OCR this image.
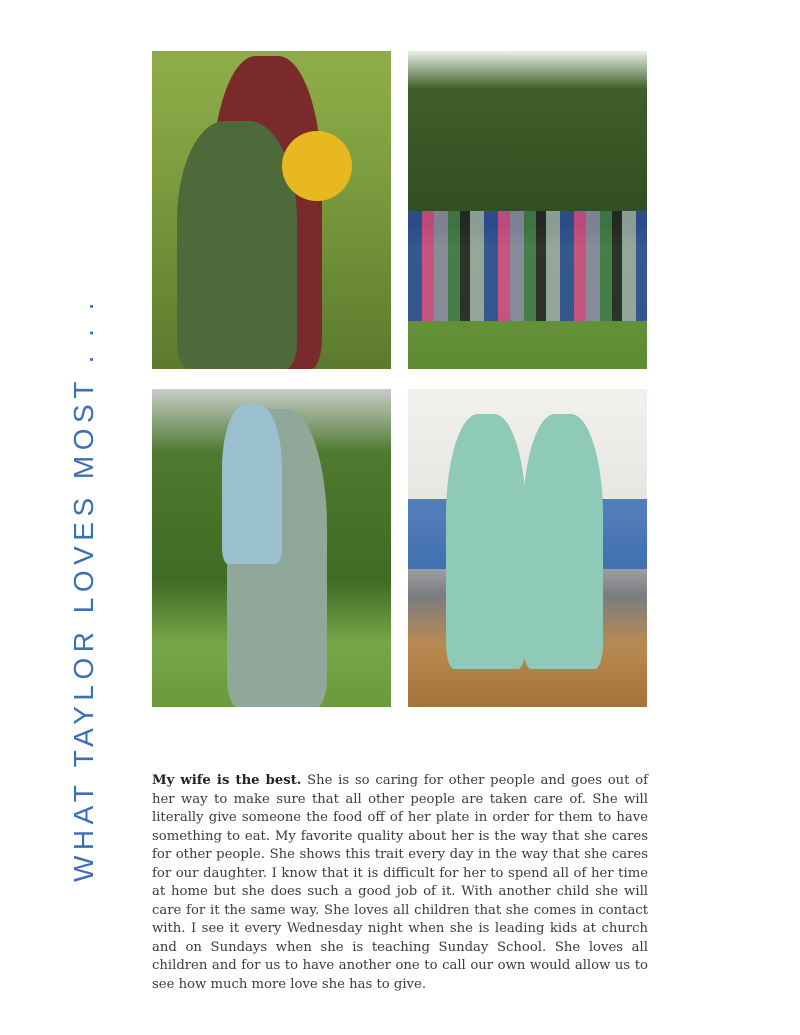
WHAT TAYLOR LOVES MOST . . .	My wife is the best. She is so caring for other people and goes out of her way to make sure that all other people are taken care of. She will literally give someone the food off of her plate in order for them to have something to eat. My favorite quality about her is the way that she cares for other people. She shows this trait every day in the way that she cares for our daughter. I know that it is difficult for her to spend all of her time at home but she does such a good job of it. With another child she will care for it the same way. She loves all children that she comes in contact with. I see it every Wednesday night when she is leading kids at church and on Sundays when she is teaching Sunday School. She loves all children and for us to have another one to call our own would allow us to see how much more love she has to give.
